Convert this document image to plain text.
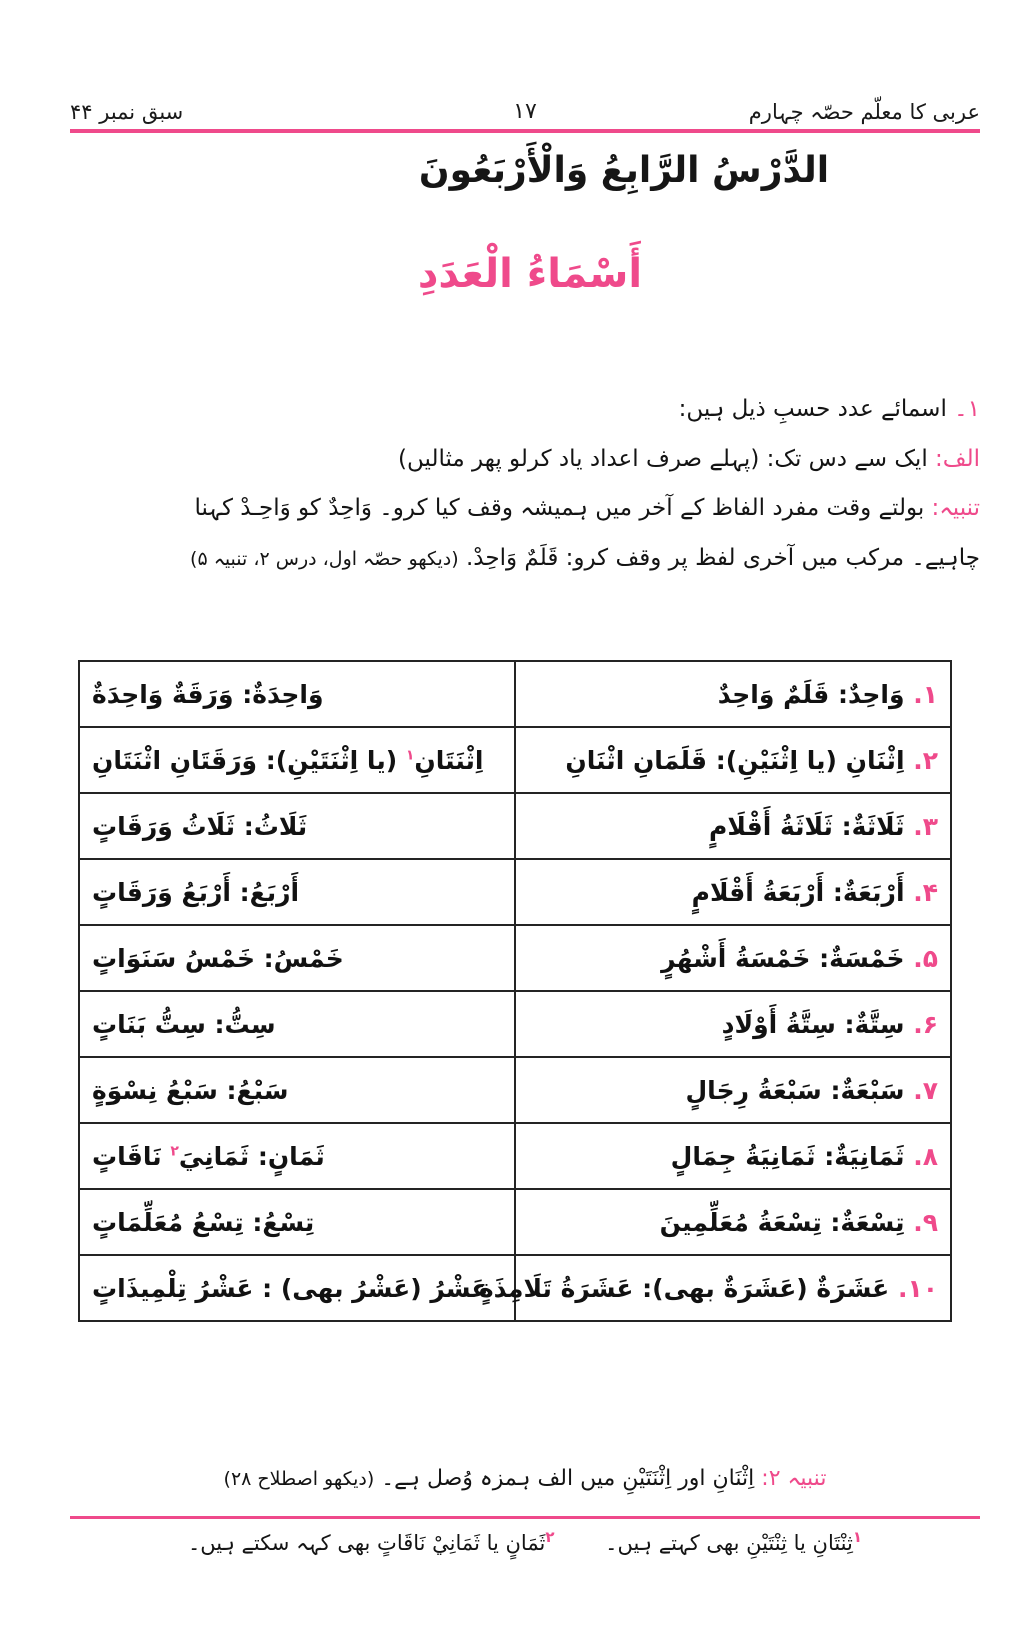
عربی کا معلّم حصّہ چہارم
۱۷
سبق نمبر ۴۴
الدَّرْسُ الرَّابِعُ وَالْأَرْبَعُونَ
أَسْمَاءُ الْعَدَدِ

۱۔ اسمائے عدد حسبِ ذیل ہیں:

الف: ایک سے دس تک: (پہلے صرف اعداد یاد کرلو پھر مثالیں)

تنبیہ: بولتے وقت مفرد الفاظ کے آخر میں ہمیشہ وقف کیا کرو۔ وَاحِدٌ کو وَاحِـدْ کہنا

چاہیے۔ مرکب میں آخری لفظ پر وقف کرو: قَلَمٌ وَاحِدْ. (دیکھو حصّہ اول، درس ۲، تنبیہ ۵)

۱. وَاحِدٌ: قَلَمٌ وَاحِدٌ	وَاحِدَةٌ: وَرَقَةٌ وَاحِدَةٌ
۲. اِثْنَانِ (یا اِثْنَیْنِ): قَلَمَانِ اثْنَانِ	اِثْنَتَانِ$^۱$ (یا اِثْنَتَیْنِ): وَرَقَتَانِ اثْنَتَانِ
۳. ثَلَاثَةٌ: ثَلَاثَةُ أَقْلَامٍ	ثَلَاثُ: ثَلَاثُ وَرَقَاتٍ
۴. أَرْبَعَةٌ: أَرْبَعَةُ أَقْلَامٍ	أَرْبَعُ: أَرْبَعُ وَرَقَاتٍ
۵. خَمْسَةٌ: خَمْسَةُ أَشْهُرٍ	خَمْسُ: خَمْسُ سَنَوَاتٍ
۶. سِتَّةٌ: سِتَّةُ أَوْلَادٍ	سِتُّ: سِتُّ بَنَاتٍ
۷. سَبْعَةٌ: سَبْعَةُ رِجَالٍ	سَبْعُ: سَبْعُ نِسْوَةٍ
۸. ثَمَانِيَةٌ: ثَمَانِيَةُ جِمَالٍ	ثَمَانٍ: ثَمَانِيَ$^۲$ نَاقَاتٍ
۹. تِسْعَةٌ: تِسْعَةُ مُعَلِّمِينَ	تِسْعُ: تِسْعُ مُعَلِّمَاتٍ
۱۰. عَشَرَةٌ (عَشَرَةٌ بھی): عَشَرَةُ تَلَامِذَةٍ	عَشْرُ (عَشْرُ بھی) : عَشْرُ تِلْمِيذَاتٍ
تنبیہ ۲: اِثْنَانِ اور اِثْنَتَیْنِ میں الف ہمزہ وُصل ہے۔ (دیکھو اصطلاح ۲۸)
$^۱$ثِنْتَانِ یا ثِنْتَیْنِ بھی کہتے ہیں۔ $^۲$ثَمَانٍ یا ثَمَانِيْ نَاقَاتٍ بھی کہہ سکتے ہیں۔
